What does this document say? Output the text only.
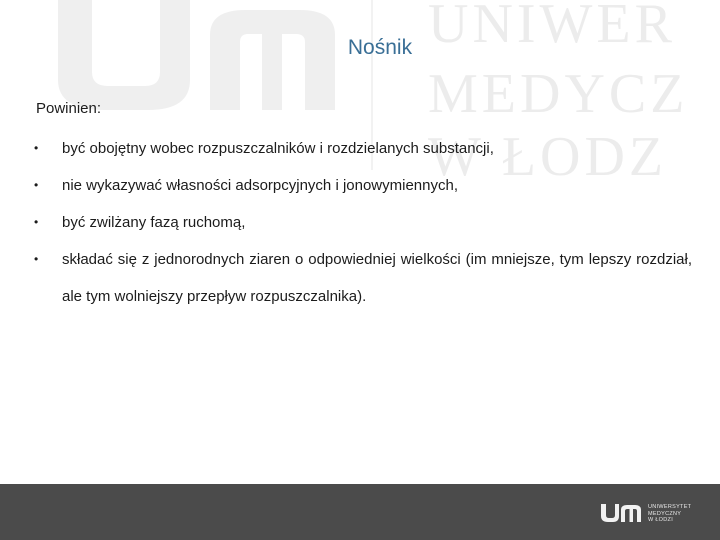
UNIWER
MEDYCZ
W ŁODZ
Nośnik
Powinien:
• być obojętny wobec rozpuszczalników i rozdzielanych substancji,
• nie wykazywać własności adsorpcyjnych i jonowymiennych,
• być zwilżany fazą ruchomą,
• składać się z jednorodnych ziaren o odpowiedniej wielkości (im mniejsze, tym lepszy rozdział, ale tym wolniejszy przepływ rozpuszczalnika).
UNIWERSYTET
MEDYCZNY
W ŁODZI
